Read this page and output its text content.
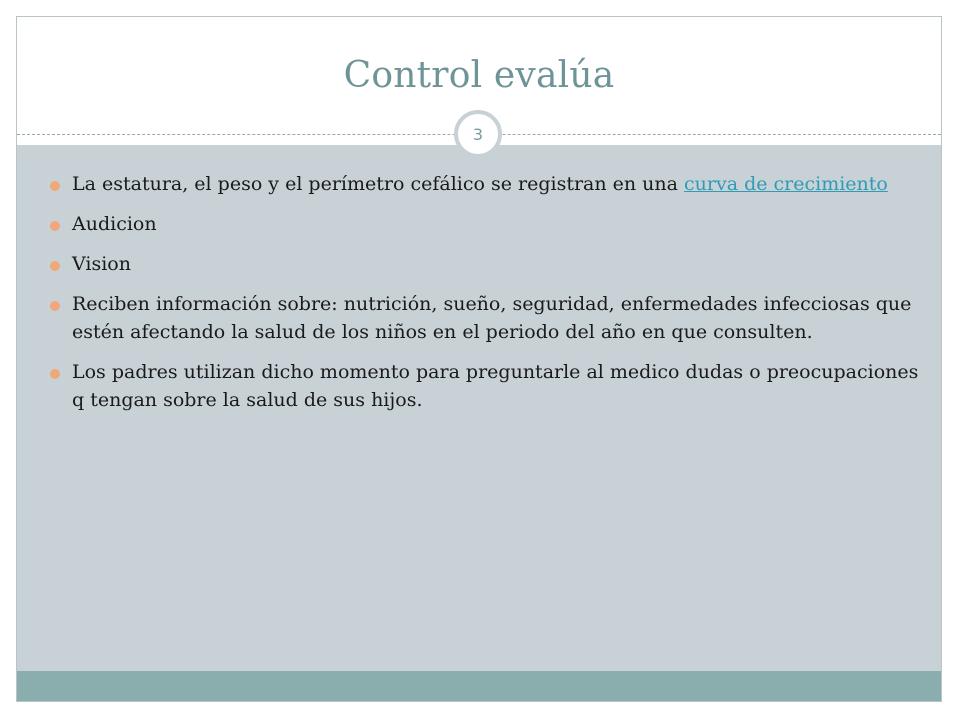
Control evalúa
3
La estatura, el peso y el perímetro cefálico se registran en una curva de crecimiento
Audicion
Vision
Reciben información sobre: nutrición, sueño, seguridad, enfermedades infecciosas que estén afectando la salud de los niños en el periodo del año en que consulten.
Los padres utilizan dicho momento para preguntarle al medico dudas o preocupaciones q tengan sobre la salud de sus hijos.
